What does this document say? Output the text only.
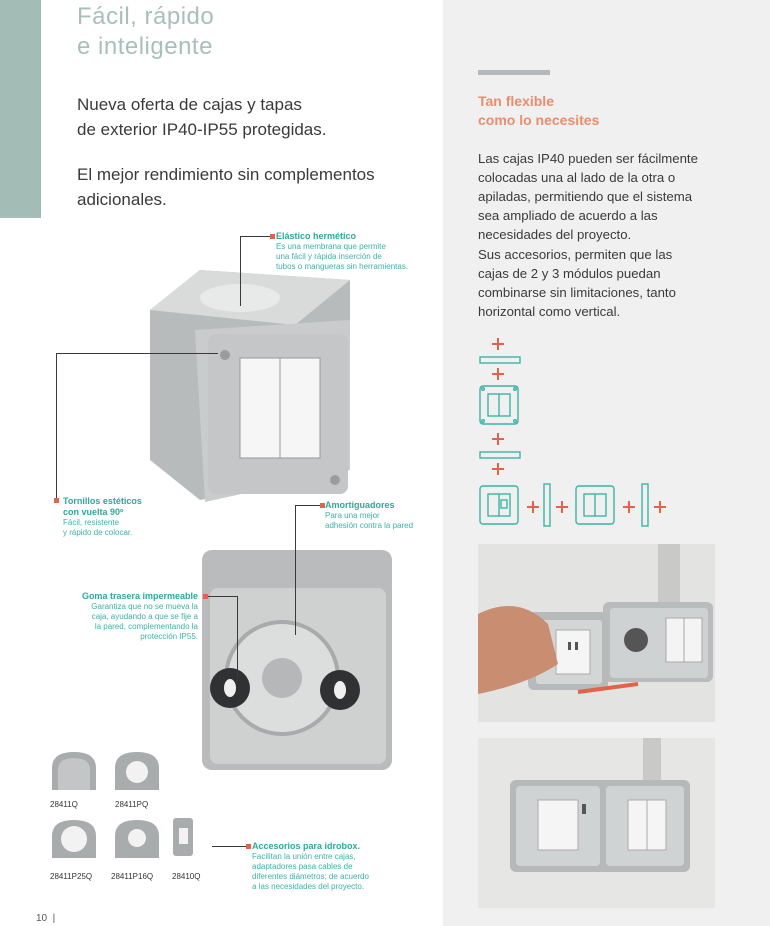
Fácil, rápido
e inteligente
Nueva oferta de cajas y tapas
de exterior IP40-IP55 protegidas.
El mejor rendimiento sin complementos
adicionales.
Tan flexible
como lo necesites
Las cajas IP40 pueden ser fácilmente
colocadas una al lado de la otra o
apiladas, permitiendo que el sistema
sea ampliado de acuerdo a las
necesidades del proyecto.
Sus accesorios, permiten que las
cajas de 2 y 3 módulos puedan
combinarse sin limitaciones, tanto
horizontal como vertical.
Elástico hermético
Es una membrana que permite
una fácil y rápida inserción de
tubos o mangueras sin herramientas.
Tornillos estéticos
con vuelta 90º
Fácil, resistente
y rápido de colocar.
Amortiguadores
Para una mejor
adhesión contra la pared
Goma trasera impermeable
Garantiza que no se mueva la
caja, ayudando a que se fije a
la pared, complementando la
protección IP55.
Accesorios para idrobox.
Facilitan la unión entre cajas,
adaptadores pasa cables de
diferentes diámetros; de acuerdo
a las necesidades del proyecto.
28411Q	28411PQ
28411P25Q 28411P16Q 28410Q
10  |
